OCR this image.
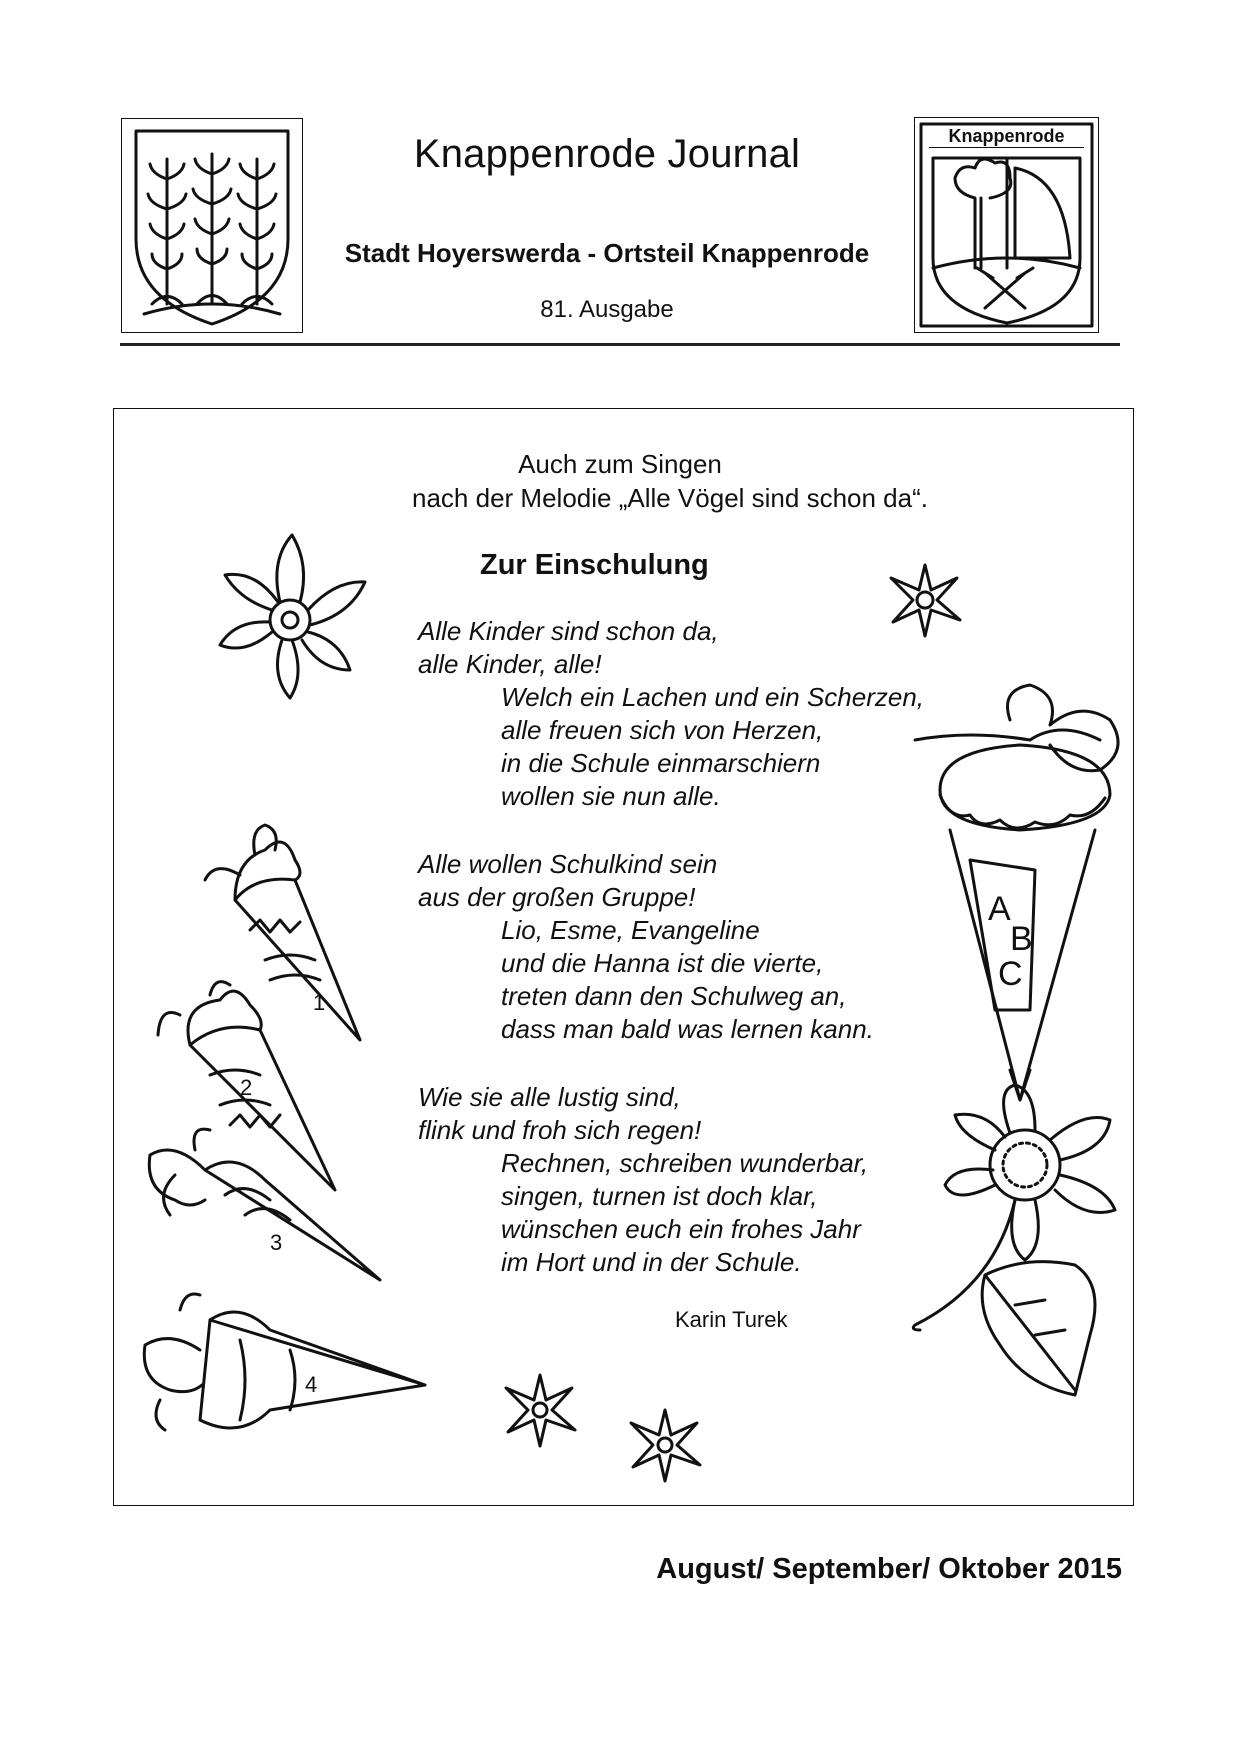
Knappenrode Journal
Stadt Hoyerswerda - Ortsteil Knappenrode
81. Ausgabe
Knappenrode
Auch zum Singen
nach der Melodie „Alle Vögel sind schon da“.
Zur Einschulung
Alle Kinder sind schon da,
alle Kinder, alle!
Welch ein Lachen und ein Scherzen,
alle freuen sich von Herzen,
in die Schule einmarschiern
wollen sie nun alle.
Alle wollen Schulkind sein
aus der großen Gruppe!
Lio, Esme, Evangeline
und die Hanna ist die vierte,
treten dann den Schulweg an,
dass man bald was lernen kann.
Wie sie alle lustig sind,
flink und froh sich regen!
Rechnen, schreiben wunderbar,
singen, turnen ist doch klar,
wünschen euch ein frohes Jahr
im Hort und in der Schule.
Karin Turek
1
2
3
4
A
B
C
August/ September/ Oktober 2015
